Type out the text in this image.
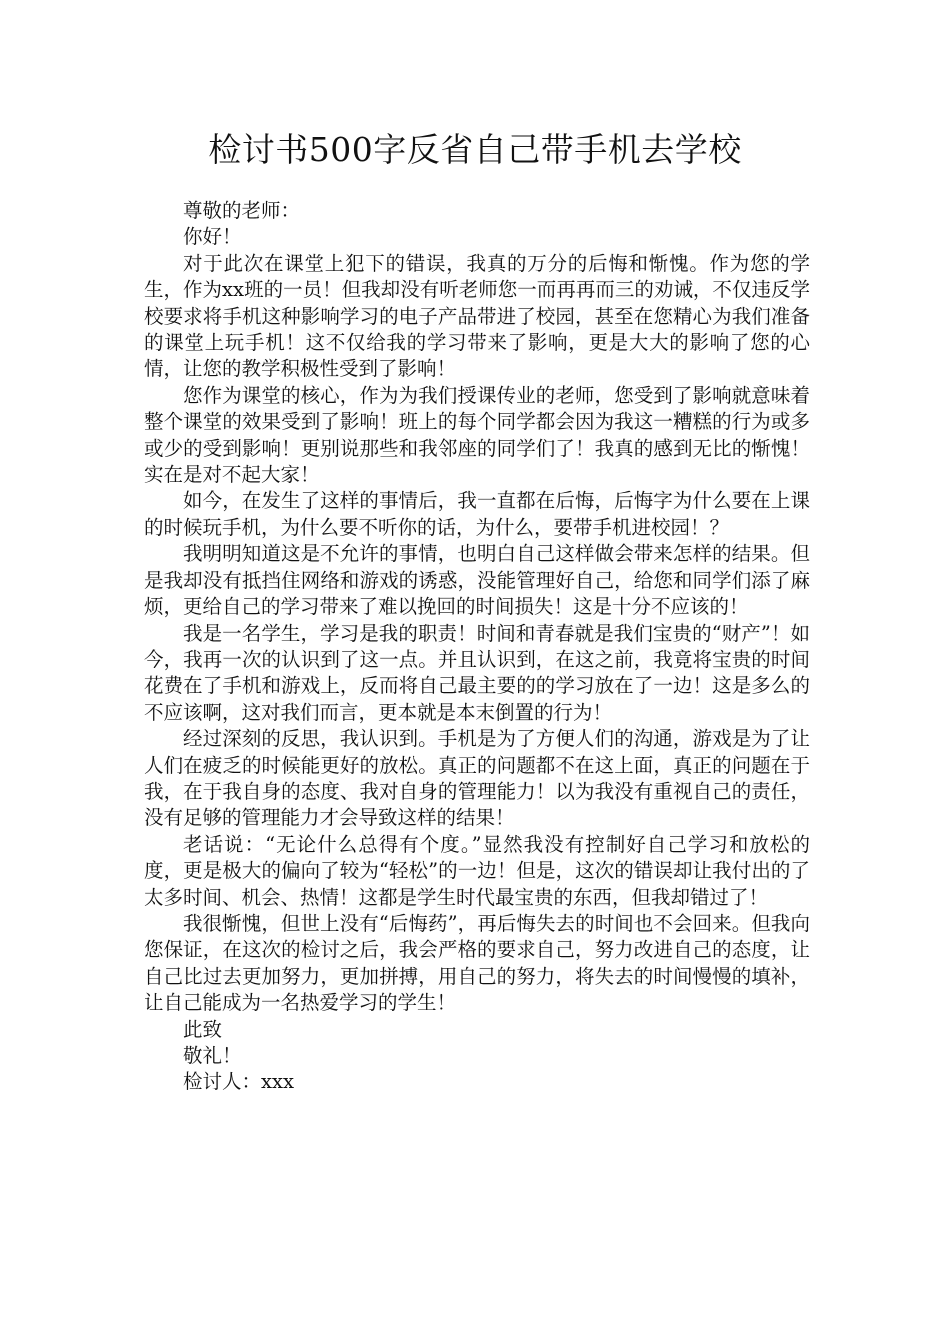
检讨书500字反省自己带手机去学校

尊敬的老师：

你好！

对于此次在课堂上犯下的错误，我真的万分的后悔和惭愧。作为您的学生，作为xx班的一员！但我却没有听老师您一而再再而三的劝诫，不仅违反学校要求将手机这种影响学习的电子产品带进了校园，甚至在您精心为我们准备的课堂上玩手机！这不仅给我的学习带来了影响，更是大大的影响了您的心情，让您的教学积极性受到了影响！

您作为课堂的核心，作为为我们授课传业的老师，您受到了影响就意味着整个课堂的效果受到了影响！班上的每个同学都会因为我这一糟糕的行为或多或少的受到影响！更别说那些和我邻座的同学们了！我真的感到无比的惭愧！实在是对不起大家！

如今，在发生了这样的事情后，我一直都在后悔，后悔字为什么要在上课的时候玩手机，为什么要不听你的话，为什么，要带手机进校园！？

我明明知道这是不允许的事情，也明白自己这样做会带来怎样的结果。但是我却没有抵挡住网络和游戏的诱惑，没能管理好自己，给您和同学们添了麻烦，更给自己的学习带来了难以挽回的时间损失！这是十分不应该的！

我是一名学生，学习是我的职责！时间和青春就是我们宝贵的“财产”！如今，我再一次的认识到了这一点。并且认识到，在这之前，我竟将宝贵的时间花费在了手机和游戏上，反而将自己最主要的的学习放在了一边！这是多么的不应该啊，这对我们而言，更本就是本末倒置的行为！

经过深刻的反思，我认识到。手机是为了方便人们的沟通，游戏是为了让人们在疲乏的时候能更好的放松。真正的问题都不在这上面，真正的问题在于我，在于我自身的态度、我对自身的管理能力！以为我没有重视自己的责任，没有足够的管理能力才会导致这样的结果！

老话说：“无论什么总得有个度。”显然我没有控制好自己学习和放松的度，更是极大的偏向了较为“轻松”的一边！但是，这次的错误却让我付出的了太多时间、机会、热情！这都是学生时代最宝贵的东西，但我却错过了！

我很惭愧，但世上没有“后悔药”，再后悔失去的时间也不会回来。但我向您保证，在这次的检讨之后，我会严格的要求自己，努力改进自己的态度，让自己比过去更加努力，更加拼搏，用自己的努力，将失去的时间慢慢的填补，让自己能成为一名热爱学习的学生！

此致

敬礼！

检讨人：xxx
